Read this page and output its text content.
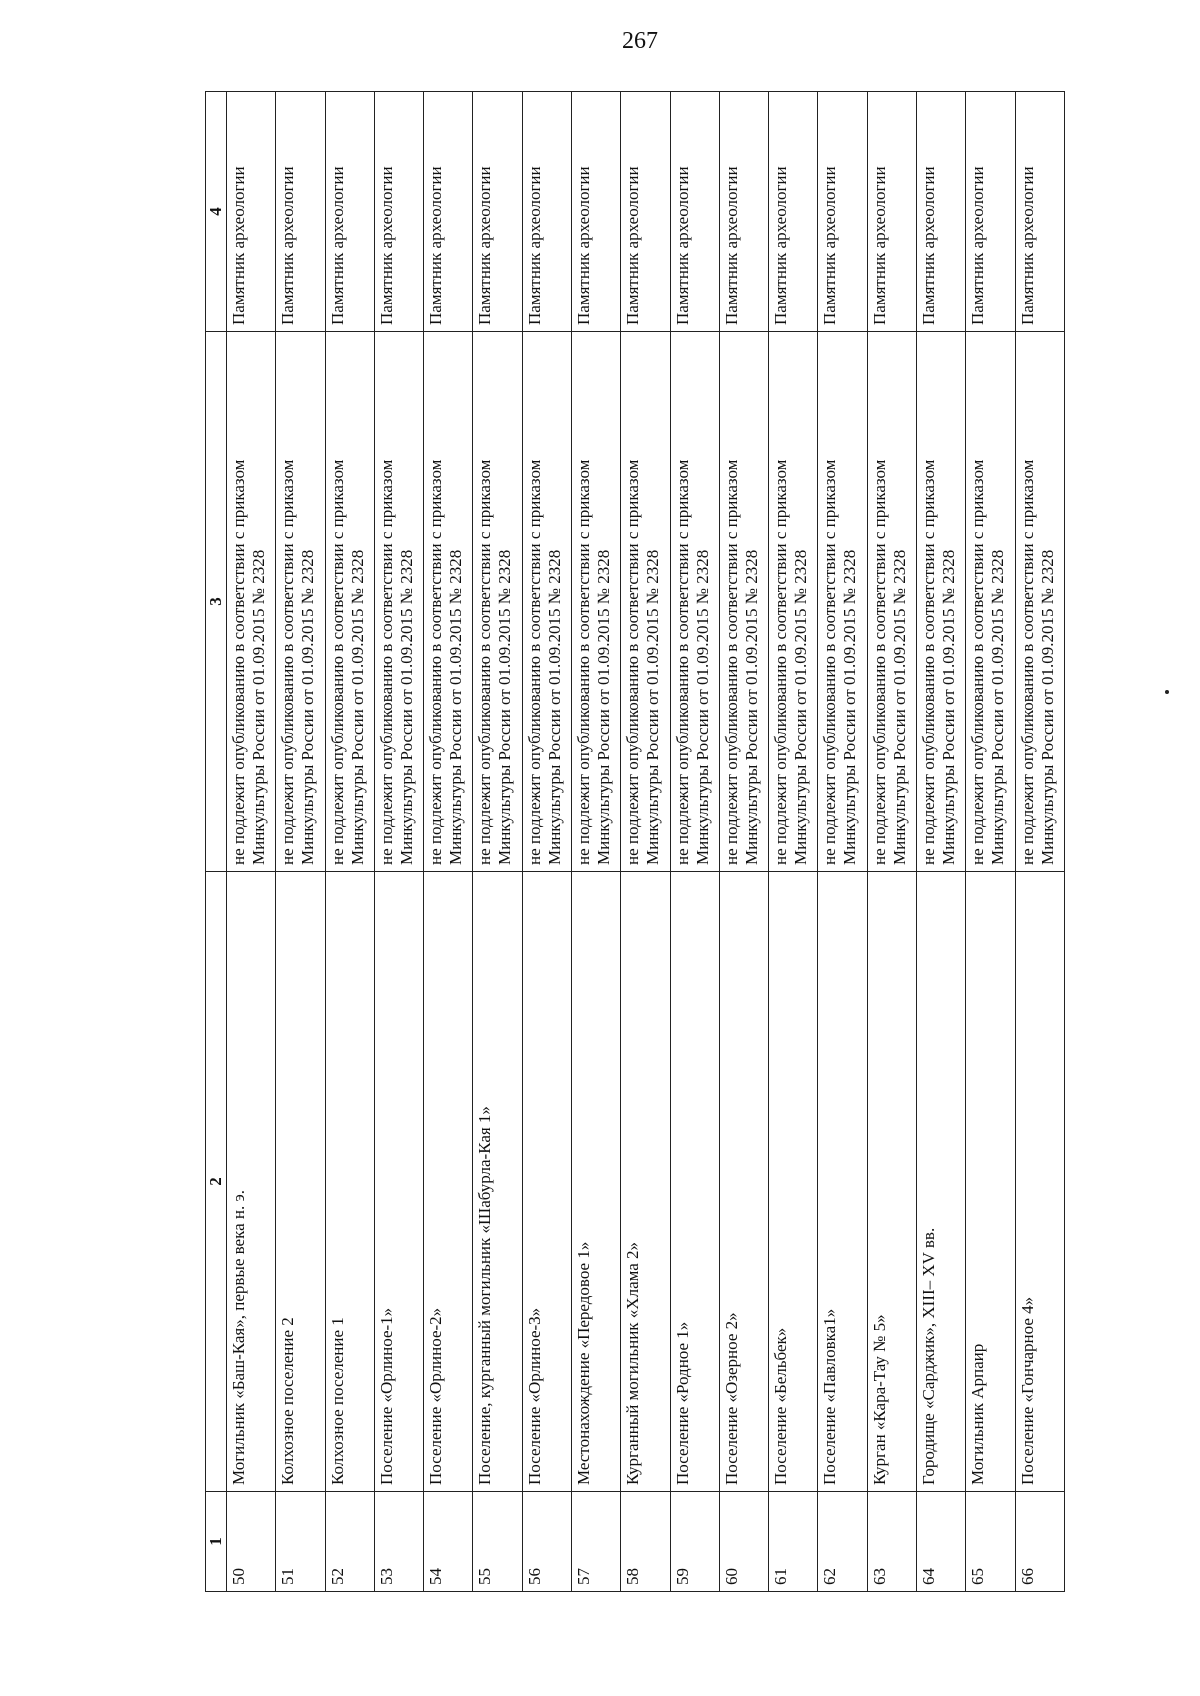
267
1	2	3	4
50	Могильник «Баш-Кая», первые века н. э.	не подлежит опубликованию в соответствии с приказом Минкультуры России от 01.09.2015 № 2328	Памятник археологии
51	Колхозное поселение 2	не подлежит опубликованию в соответствии с приказом Минкультуры России от 01.09.2015 № 2328	Памятник археологии
52	Колхозное поселение 1	не подлежит опубликованию в соответствии с приказом Минкультуры России от 01.09.2015 № 2328	Памятник археологии
53	Поселение «Орлиное-1»	не подлежит опубликованию в соответствии с приказом Минкультуры России от 01.09.2015 № 2328	Памятник археологии
54	Поселение «Орлиное-2»	не подлежит опубликованию в соответствии с приказом Минкультуры России от 01.09.2015 № 2328	Памятник археологии
55	Поселение, курганный могильник «Шабурла-Кая 1»	не подлежит опубликованию в соответствии с приказом Минкультуры России от 01.09.2015 № 2328	Памятник археологии
56	Поселение «Орлиное-3»	не подлежит опубликованию в соответствии с приказом Минкультуры России от 01.09.2015 № 2328	Памятник археологии
57	Местонахождение «Передовое 1»	не подлежит опубликованию в соответствии с приказом Минкультуры России от 01.09.2015 № 2328	Памятник археологии
58	Курганный могильник «Хлама 2»	не подлежит опубликованию в соответствии с приказом Минкультуры России от 01.09.2015 № 2328	Памятник археологии
59	Поселение «Родное 1»	не подлежит опубликованию в соответствии с приказом Минкультуры России от 01.09.2015 № 2328	Памятник археологии
60	Поселение «Озерное 2»	не подлежит опубликованию в соответствии с приказом Минкультуры России от 01.09.2015 № 2328	Памятник археологии
61	Поселение «Бельбек»	не подлежит опубликованию в соответствии с приказом Минкультуры России от 01.09.2015 № 2328	Памятник археологии
62	Поселение «Павловка1»	не подлежит опубликованию в соответствии с приказом Минкультуры России от 01.09.2015 № 2328	Памятник археологии
63	Курган «Кара-Тау № 5»	не подлежит опубликованию в соответствии с приказом Минкультуры России от 01.09.2015 № 2328	Памятник археологии
64	Городище «Сарджик», XIII– XV вв.	не подлежит опубликованию в соответствии с приказом Минкультуры России от 01.09.2015 № 2328	Памятник археологии
65	Могильник Арпаир	не подлежит опубликованию в соответствии с приказом Минкультуры России от 01.09.2015 № 2328	Памятник археологии
66	Поселение «Гончарное 4»	не подлежит опубликованию в соответствии с приказом Минкультуры России от 01.09.2015 № 2328	Памятник археологии
